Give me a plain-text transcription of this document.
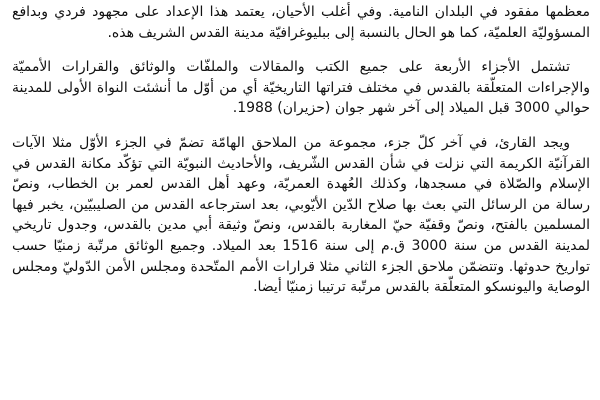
معظمها مفقود في البلدان النامية. وفي أغلب الأحيان، يعتمد هذا الإعداد على مجهود فردي وبدافع المسؤوليّة العلميّة، كما هو الحال بالنسبة إلى ببليوغرافيّة مدينة القدس الشريف هذه.

تشتمل الأجزاء الأربعة على جميع الكتب والمقالات والملفّات والوثائق والقرارات الأمميّة والإجراءات المتعلّقة بالقدس في مختلف فتراتها التاريخيّة أي من أوّل ما أنشئت النواة الأولى للمدينة حوالي 3000 قبل الميلاد إلى آخر شهر جوان (حزيران) 1988.

ويجد القارئ، في آخر كلّ جزء، مجموعة من الملاحق الهامّة تضمّ في الجزء الأوّل مثلا الآيات القرآنيّة الكريمة التي نزلت في شأن القدس الشّريف، والأحاديث النبويّة التي تؤكّد مكانة القدس في الإسلام والصّلاة في مسجدها، وكذلك العُهدة العمريّة، وعهد أهل القدس لعمر بن الخطاب، ونصّ رسالة من الرسائل التي بعث بها صلاح الدّين الأيّوبي، بعد استرجاعه القدس من الصليبيّين، يخبر فيها المسلمين بالفتح، ونصّ وقفيّة حيّ المغاربة بالقدس، ونصّ وثيقة أبي مدين بالقدس، وجدول تاريخي لمدينة القدس من سنة 3000 ق.م إلى سنة 1516 بعد الميلاد. وجميع الوثائق مرتّبة زمنيّا حسب تواريخ حدوثها. وتتضمّن ملاحق الجزء الثاني مثلا قرارات الأمم المتّحدة ومجلس الأمن الدّوليّ ومجلس الوصاية واليونسكو المتعلّقة بالقدس مرتّبة ترتيبا زمنيّا أيضا.
